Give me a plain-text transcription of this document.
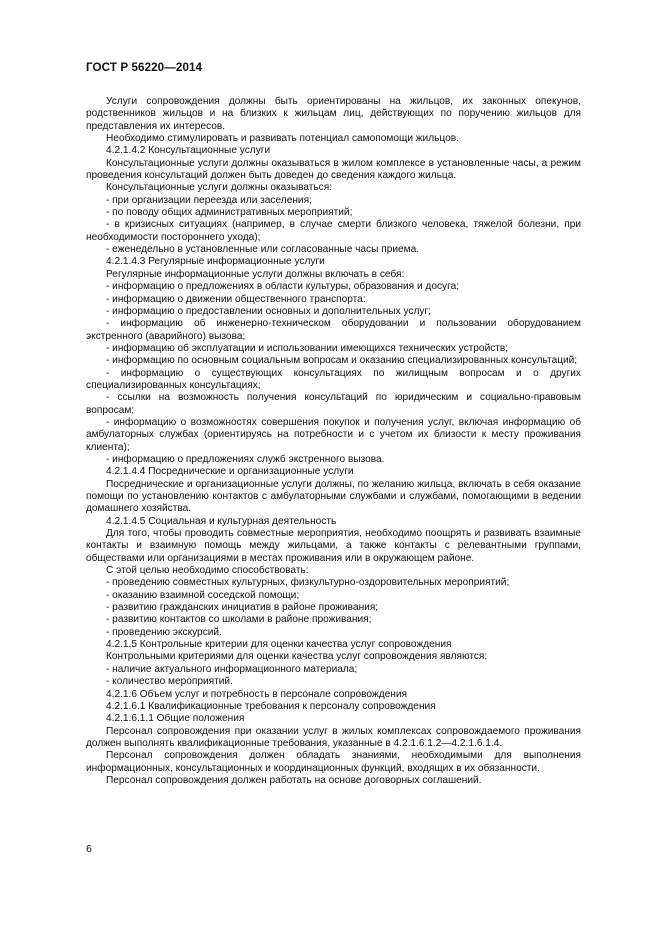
ГОСТ Р 56220—2014

Услуги сопровождения должны быть ориентированы на жильцов, их законных опекунов, родственников жильцов и на близких к жильцам лиц, действующих по поручению жильцов для представления их интересов.

Необходимо стимулировать и развивать потенциал самопомощи жильцов.

4.2.1.4.2 Консультационные услуги

Консультационные услуги должны оказываться в жилом комплексе в установленные часы, а режим проведения консультаций должен быть доведен до сведения каждого жильца.

Консультационные услуги должны оказываться:

- при организации переезда или заселения;

- по поводу общих административных мероприятий;

- в кризисных ситуациях (например, в случае смерти близкого человека, тяжелой болезни, при необходимости постороннего ухода);

- еженедельно в установленные или согласованные часы приема.

4.2.1.4.3 Регулярные информационные услуги

Регулярные информационные услуги должны включать в себя:

- информацию о предложениях в области культуры, образования и досуга;

- информацию о движении общественного транспорта:

- информацию о предоставлении основных и дополнительных услуг;

- информацию об инженерно-техническом оборудовании и пользовании оборудованием экстренного (аварийного) вызова;

- информацию об эксплуатации и использовании имеющихся технических устройств;

- информацию по основным социальным вопросам и оказанию специализированных консультаций;

- информацию о существующих консультациях по жилищным вопросам и о других специализированных консультациях;

- ссылки на возможность получения консультаций по юридическим и социально-правовым вопросам;

- информацию о возможностях совершения покупок и получения услуг, включая информацию об амбулаторных службах (ориентируясь на потребности и с учетом их близости к месту проживания клиента);

- информацию о предложениях служб экстренного вызова.

4.2.1.4.4 Посреднические и организационные услуги

Посреднические и организационные услуги должны, по желанию жильца, включать в себя оказание помощи по установлению контактов с амбулаторными службами и службами, помогающими в ведении домашнего хозяйства.

4.2.1.4.5 Социальная и культурная деятельность

Для того, чтобы проводить совместные мероприятия, необходимо поощрять и развивать взаимные контакты и взаимную помощь между жильцами, а также контакты с релевантными группами, обществами или организациями в местах проживания или в окружающем районе.

С этой целью необходимо способствовать:

- проведению совместных культурных, физкультурно-оздоровительных мероприятий;

- оказанию взаимной соседской помощи;

- развитию гражданских инициатив в районе проживания;

- развитию контактов со школами в районе проживания;

- проведению экскурсий.

4.2.1.5 Контрольные критерии для оценки качества услуг сопровождения

Контрольными критериями для оценки качества услуг сопровождения являются:

- наличие актуального информационного материала;

- количество мероприятий.

4.2.1.6 Объем услуг и потребность в персонале сопровождения

4.2.1.6.1 Квалификационные требования к персоналу сопровождения

4.2.1.6.1.1 Общие положения

Персонал сопровождения при оказании услуг в жилых комплексах сопровождаемого проживания должен выполнять квалификационные требования, указанные в 4.2.1.6.1.2—4.2.1.6.1.4.

Персонал сопровождения должен обладать знаниями, необходимыми для выполнения информационных, консультационных и координационных функций, входящих в их обязанности.

Персонал сопровождения должен работать на основе договорных соглашений.

6
